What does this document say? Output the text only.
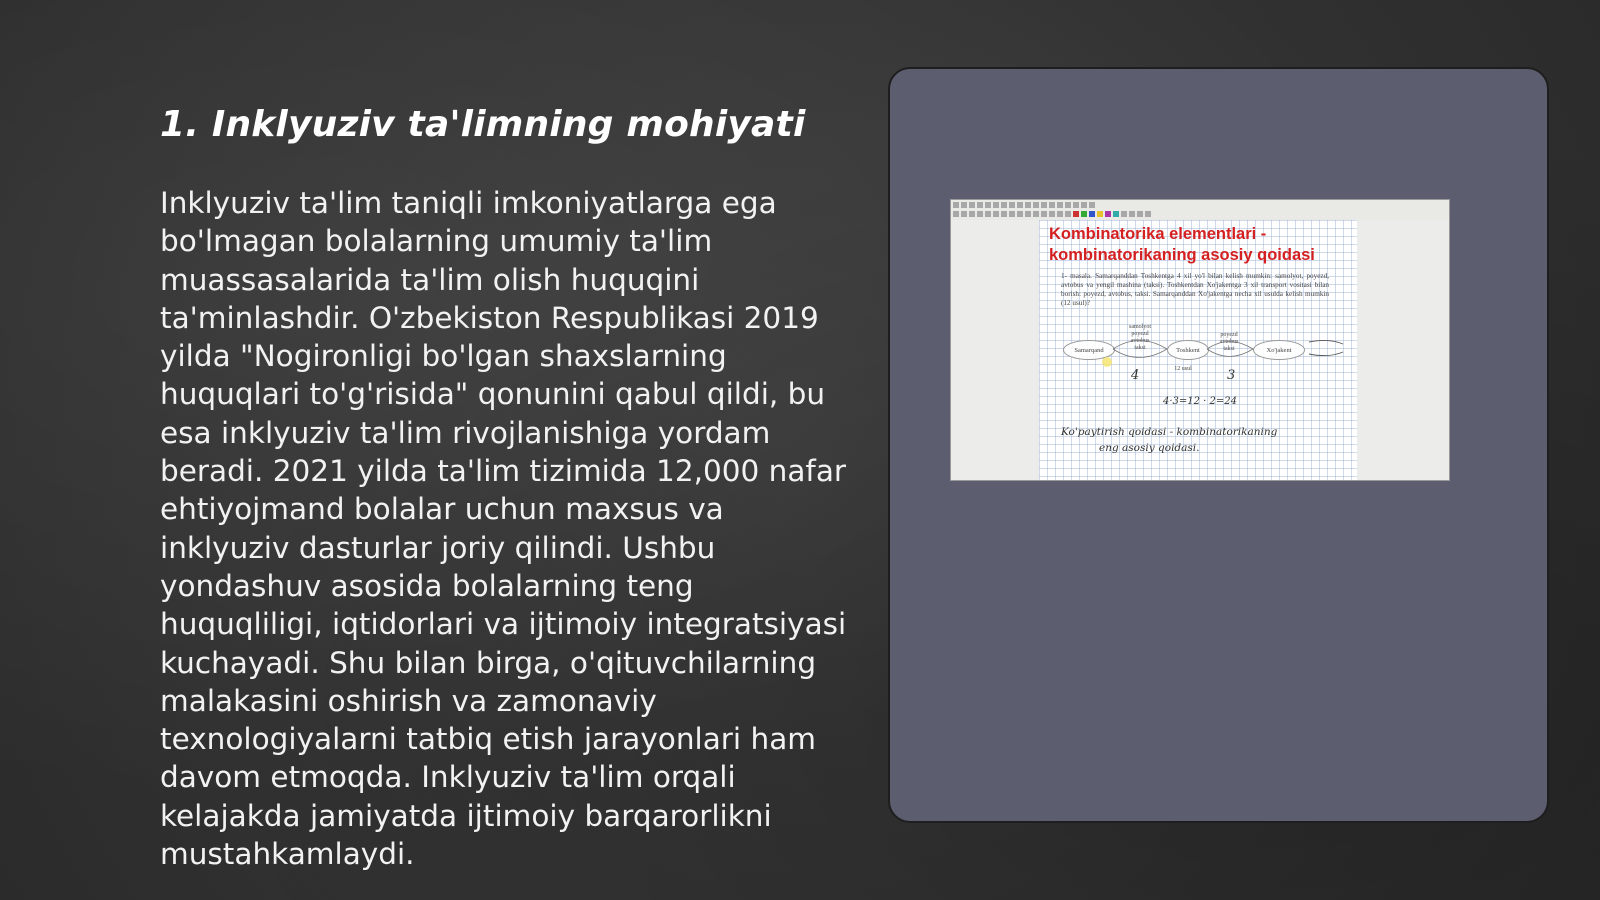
1. Inklyuziv ta'limning mohiyati

Inklyuziv ta'lim taniqli imkoniyatlarga ega bo'lmagan bolalarning umumiy ta'lim muassasalarida ta'lim olish huquqini ta'minlashdir. O'zbekiston Respublikasi 2019 yilda "Nogironligi bo'lgan shaxslarning huquqlari to'g'risida" qonunini qabul qildi, bu esa inklyuziv ta'lim rivojlanishiga yordam beradi. 2021 yilda ta'lim tizimida 12,000 nafar ehtiyojmand bolalar uchun maxsus va inklyuziv dasturlar joriy qilindi. Ushbu yondashuv asosida bolalarning teng huquqliligi, iqtidorlari va ijtimoiy integratsiyasi kuchayadi. Shu bilan birga, o'qituvchilarning malakasini oshirish va zamonaviy texnologiyalarni tatbiq etish jarayonlari ham davom etmoqda. Inklyuziv ta'lim orqali kelajakda jamiyatda ijtimoiy barqarorlikni mustahkamlaydi.

Kombinatorika elementlari -
kombinatorikaning asosiy qoidasi

1- masala. Samarqanddan Toshkentga 4 xil yo'l bilan kelish mumkin: samolyot, poyezd, avtobus va yengil mashina (taksi). Toshkentdan Xo'jakentga 3 xil transport vositasi bilan borish: poyezd, avtobus, taksi. Samarqanddan Xo'jakentga necha xil usulda kelish mumkin (12 usul)?

Samarqand
samolyot
poyezd
avtobus
taksi	Toshkent
poyezd
avtobus
taksi	Xo'jakent
12 usul
4	3
4·3=12 · 2=24
Ko'paytirish qoidasi - kombinatorikaning
eng asosiy qoidasi.
